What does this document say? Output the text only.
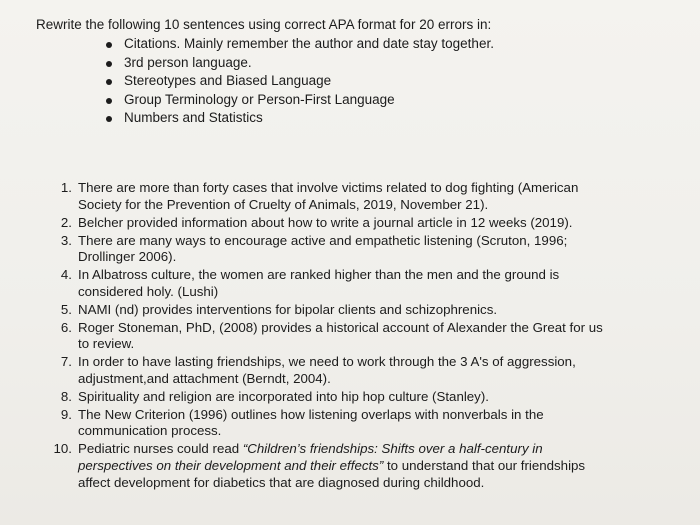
Rewrite the following 10 sentences using correct APA format for 20 errors in:
Citations. Mainly remember the author and date stay together.
3rd person language.
Stereotypes and Biased Language
Group Terminology or Person-First Language
Numbers and Statistics
1. There are more than forty cases that involve victims related to dog fighting (American Society for the Prevention of Cruelty of Animals, 2019, November 21).
2. Belcher provided information about how to write a journal article in 12 weeks (2019).
3. There are many ways to encourage active and empathetic listening (Scruton, 1996; Drollinger 2006).
4. In Albatross culture, the women are ranked higher than the men and the ground is considered holy. (Lushi)
5. NAMI (nd) provides interventions for bipolar clients and schizophrenics.
6. Roger Stoneman, PhD, (2008) provides a historical account of Alexander the Great for us to review.
7. In order to have lasting friendships, we need to work through the 3 A's of aggression, adjustment,and attachment (Berndt, 2004).
8. Spirituality and religion are incorporated into hip hop culture (Stanley).
9. The New Criterion (1996) outlines how listening overlaps with nonverbals in the communication process.
10. Pediatric nurses could read “Children’s friendships: Shifts over a half-century in perspectives on their development and their effects” to understand that our friendships affect development for diabetics that are diagnosed during childhood.
